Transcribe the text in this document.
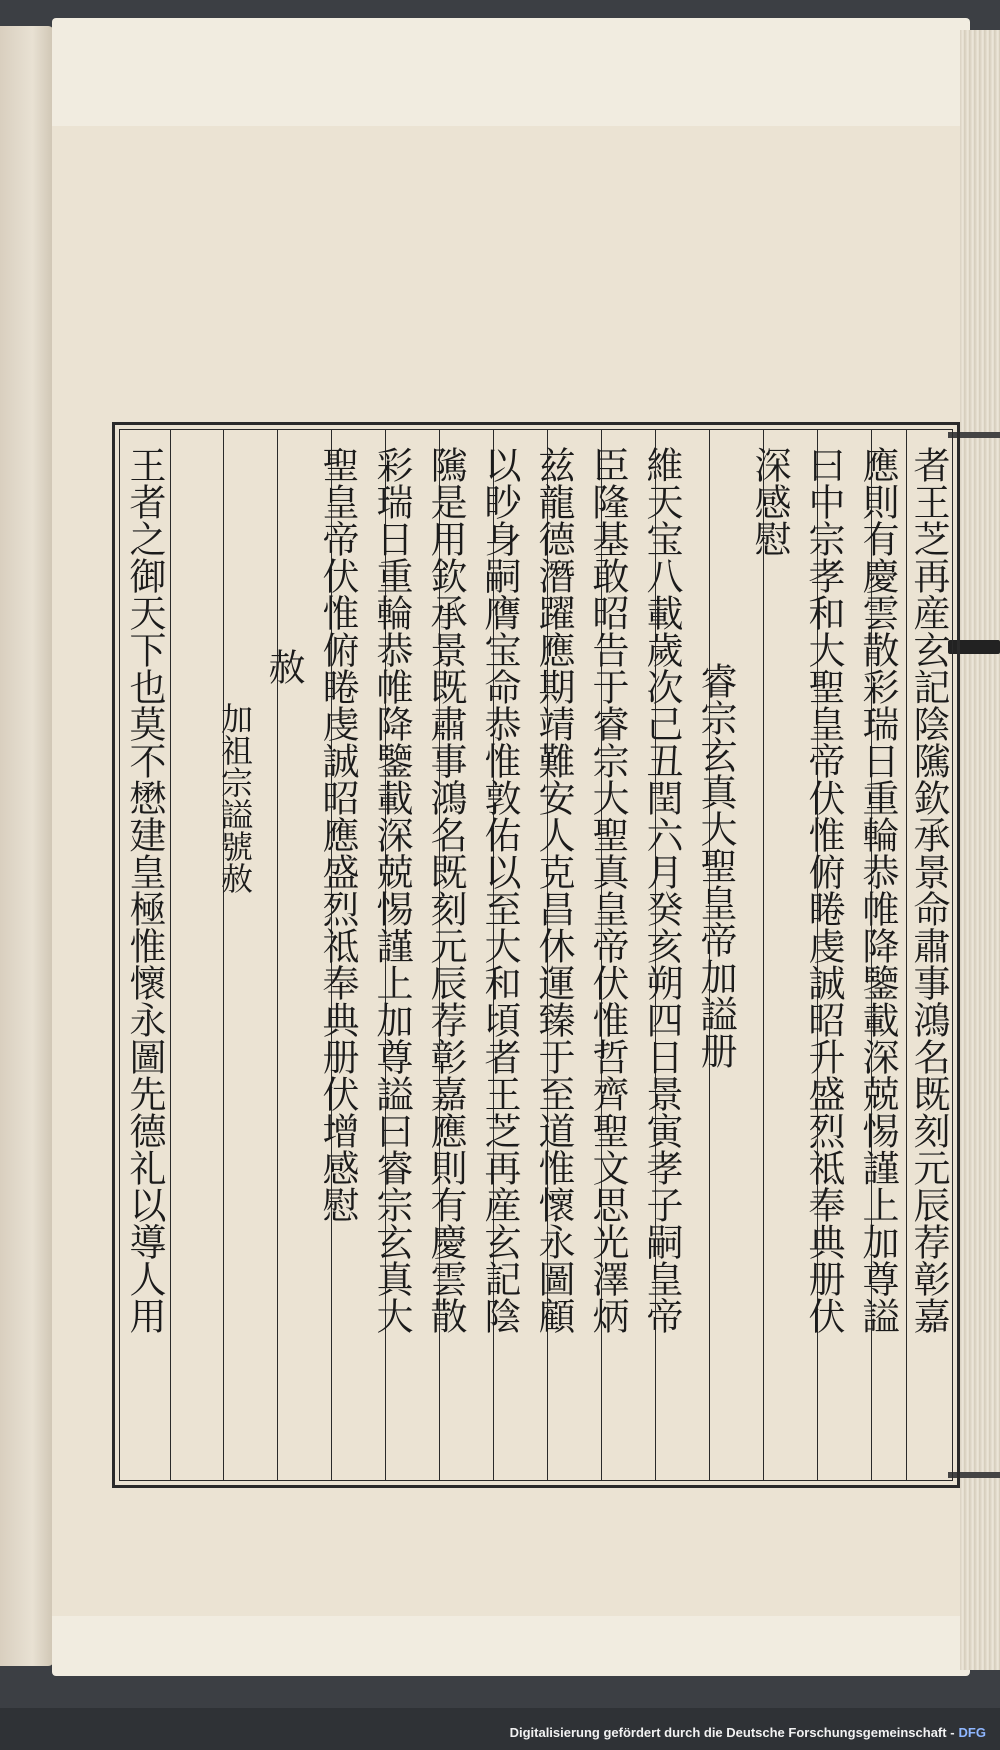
者王芝再産玄記陰隲欽承景命肅事鴻名既刻元辰荐彰嘉
應則有慶雲散彩瑞日重輪恭帷降鑒載深兢惕謹上加尊謚
曰中宗孝和大聖皇帝伏惟俯睠虔誠昭升盛烈祗奉典册伏
深感慰
睿宗玄真大聖皇帝加謚册
維天宝八載歲次己丑閏六月癸亥朔四日景寅孝子嗣皇帝
臣隆基敢昭告于睿宗大聖真皇帝伏惟哲齊聖文思光澤炳
兹龍德潛躍應期靖難安人克昌休運臻于至道惟懷永圖顧
以眇身嗣膺宝命恭惟敦佑以至大和頃者王芝再産玄記陰
隲是用欽承景既肅事鴻名既刻元辰荐彰嘉應則有慶雲散
彩瑞日重輪恭帷降鑒載深兢惕謹上加尊謚曰睿宗玄真大
聖皇帝伏惟俯睠虔誠昭應盛烈祗奉典册伏增感慰
赦
加祖宗謚號赦
王者之御天下也莫不懋建皇極惟懷永圖先德礼以導人用
Digitalisierung gefördert durch die Deutsche Forschungsgemeinschaft - DFG
